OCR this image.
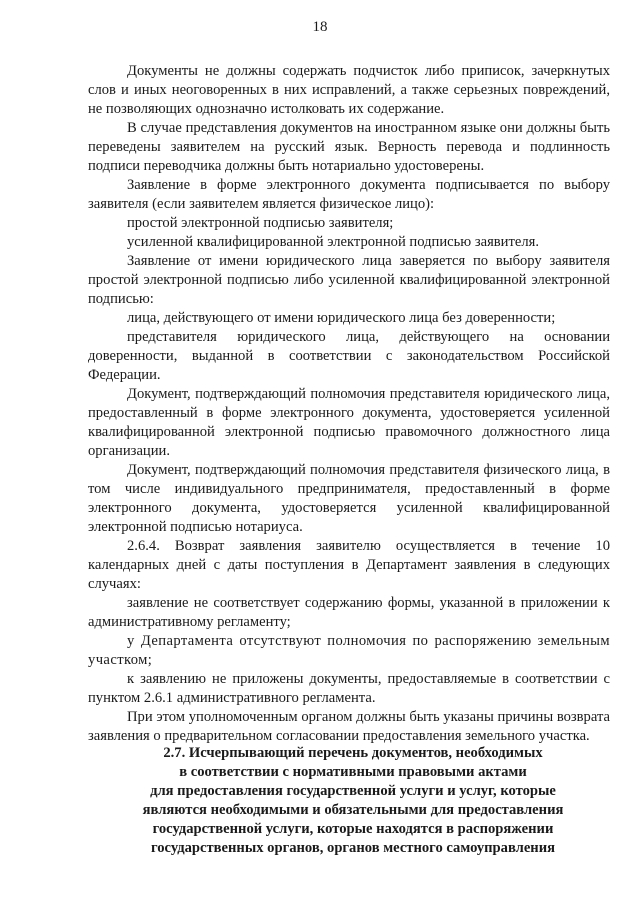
18

Документы не должны содержать подчисток либо приписок, зачеркнутых слов и иных неоговоренных в них исправлений, а также серьезных повреждений, не позволяющих однозначно истолковать их содержание.

В случае представления документов на иностранном языке они должны быть переведены заявителем на русский язык. Верность перевода и подлинность подписи переводчика должны быть нотариально удостоверены.

Заявление в форме электронного документа подписывается по выбору заявителя (если заявителем является физическое лицо):

простой электронной подписью заявителя;

усиленной квалифицированной электронной подписью заявителя.

Заявление от имени юридического лица заверяется по выбору заявителя простой электронной подписью либо усиленной квалифицированной электронной подписью:

лица, действующего от имени юридического лица без доверенности;

представителя юридического лица, действующего на основании доверенности, выданной в соответствии с законодательством Российской Федерации.

Документ, подтверждающий полномочия представителя юридического лица, предоставленный в форме электронного документа, удостоверяется усиленной квалифицированной электронной подписью правомочного должностного лица организации.

Документ, подтверждающий полномочия представителя физического лица, в том числе индивидуального предпринимателя, предоставленный в форме электронного документа, удостоверяется усиленной квалифицированной электронной подписью нотариуса.

2.6.4. Возврат заявления заявителю осуществляется в течение 10 календарных дней с даты поступления в Департамент заявления в следующих случаях:

заявление не соответствует содержанию формы, указанной в приложении к административному регламенту;

у Департамента отсутствуют полномочия по распоряжению земельным участком;

к заявлению не приложены документы, предоставляемые в соответствии с пунктом 2.6.1 административного регламента.

При этом уполномоченным органом должны быть указаны причины возврата заявления о предварительном согласовании предоставления земельного участка.

2.7. Исчерпывающий перечень документов, необходимых
в соответствии с нормативными правовыми актами
для предоставления государственной услуги и услуг, которые
являются необходимыми и обязательными для предоставления
государственной услуги, которые находятся в распоряжении
государственных органов, органов местного самоуправления
